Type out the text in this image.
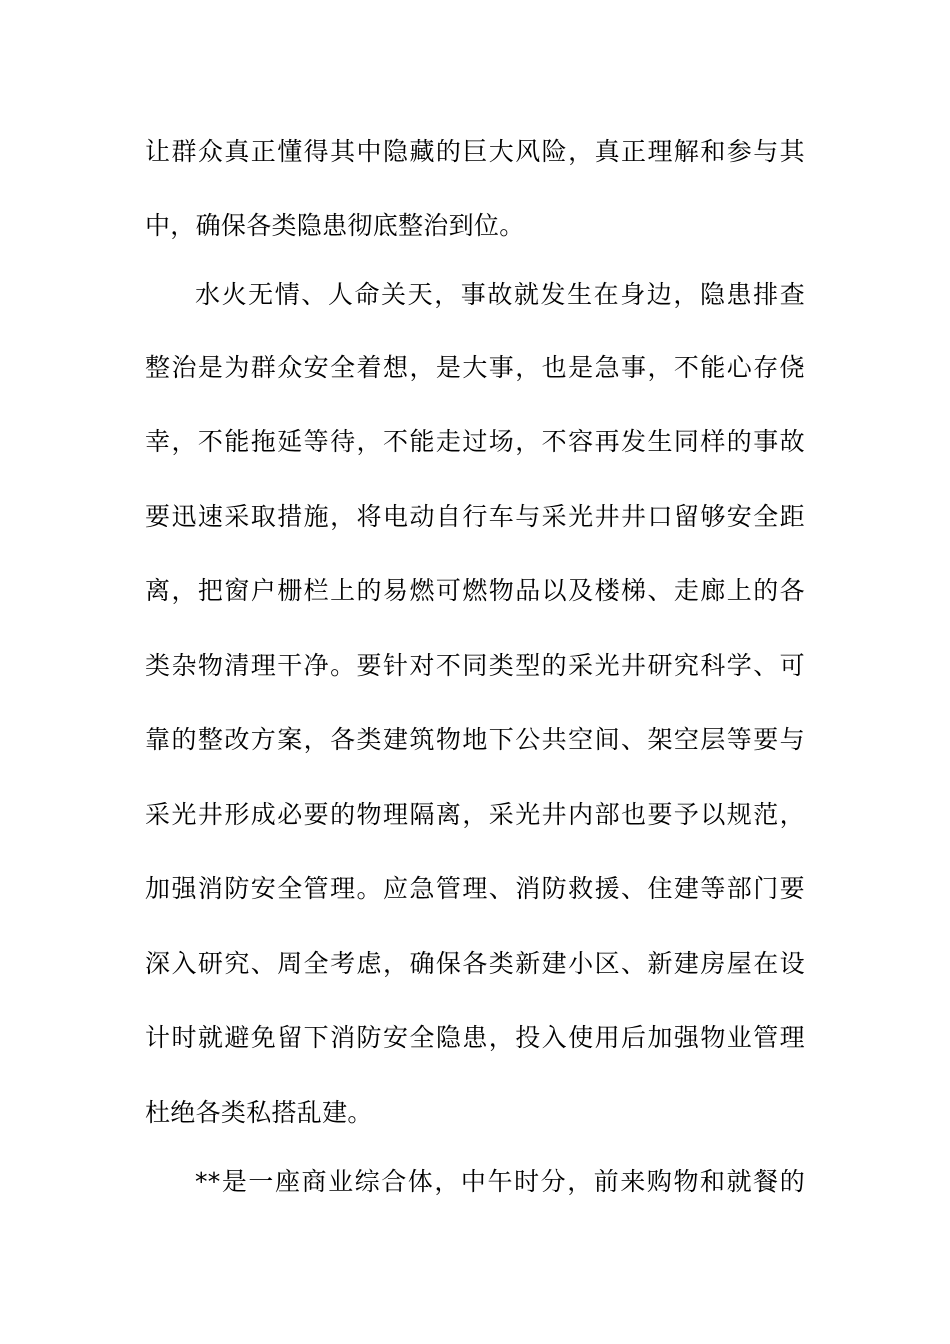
让群众真正懂得其中隐藏的巨大风险，真正理解和参与其
中，确保各类隐患彻底整治到位。
水火无情、人命关天，事故就发生在身边，隐患排查
整治是为群众安全着想，是大事，也是急事，不能心存侥
幸，不能拖延等待，不能走过场，不容再发生同样的事故
要迅速采取措施，将电动自行车与采光井井口留够安全距
离，把窗户栅栏上的易燃可燃物品以及楼梯、走廊上的各
类杂物清理干净。要针对不同类型的采光井研究科学、可
靠的整改方案，各类建筑物地下公共空间、架空层等要与
采光井形成必要的物理隔离，采光井内部也要予以规范，
加强消防安全管理。应急管理、消防救援、住建等部门要
深入研究、周全考虑，确保各类新建小区、新建房屋在设
计时就避免留下消防安全隐患，投入使用后加强物业管理
杜绝各类私搭乱建。
**是一座商业综合体，中午时分，前来购物和就餐的
